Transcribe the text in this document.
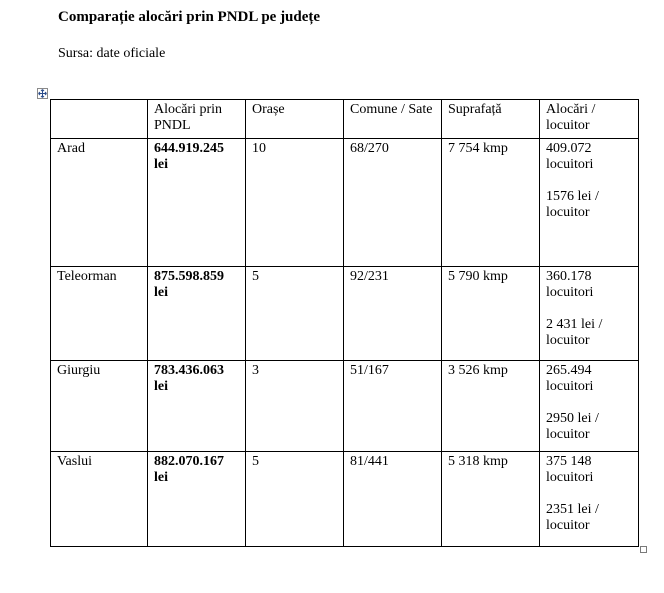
Comparație alocări prin PNDL pe județe
Sursa: date oficiale
	Alocări prin PNDL	Orașe	Comune / Sate	Suprafață	Alocări / locuitor
Arad	644.919.245 lei	10	68/270	7 754 kmp	409.072 locuitori
1576 lei / locuitor
Teleorman	875.598.859 lei	5	92/231	5 790 kmp	360.178 locuitori
2 431 lei / locuitor
Giurgiu	783.436.063 lei	3	51/167	3 526 kmp	265.494 locuitori
2950 lei / locuitor
Vaslui	882.070.167 lei	5	81/441	5 318 kmp	375 148 locuitori
2351 lei / locuitor
